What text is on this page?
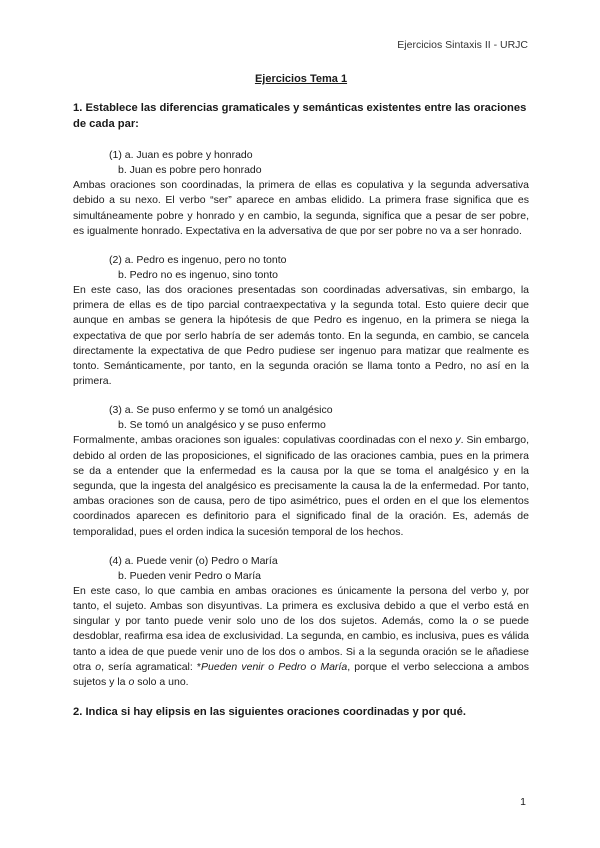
Ejercicios Sintaxis II - URJC
Ejercicios Tema 1
1. Establece las diferencias gramaticales y semánticas existentes entre las oraciones de cada par:
(1) a. Juan es pobre y honrado
b. Juan es pobre pero honrado
Ambas oraciones son coordinadas, la primera de ellas es copulativa y la segunda adversativa debido a su nexo. El verbo “ser” aparece en ambas elidido. La primera frase significa que es simultáneamente pobre y honrado y en cambio, la segunda, significa que a pesar de ser pobre, es igualmente honrado. Expectativa en la adversativa de que por ser pobre no va a ser honrado.
(2) a. Pedro es ingenuo, pero no tonto
b. Pedro no es ingenuo, sino tonto
En este caso, las dos oraciones presentadas son coordinadas adversativas, sin embargo, la primera de ellas es de tipo parcial contraexpectativa y la segunda total. Esto quiere decir que aunque en ambas se genera la hipótesis de que Pedro es ingenuo, en la primera se niega la expectativa de que por serlo habría de ser además tonto. En la segunda, en cambio, se cancela directamente la expectativa de que Pedro pudiese ser ingenuo para matizar que realmente es tonto. Semánticamente, por tanto, en la segunda oración se llama tonto a Pedro, no así en la primera.
(3) a. Se puso enfermo y se tomó un analgésico
b. Se tomó un analgésico y se puso enfermo
Formalmente, ambas oraciones son iguales: copulativas coordinadas con el nexo y. Sin embargo, debido al orden de las proposiciones, el significado de las oraciones cambia, pues en la primera se da a entender que la enfermedad es la causa por la que se toma el analgésico y en la segunda, que la ingesta del analgésico es precisamente la causa la de la enfermedad. Por tanto, ambas oraciones son de causa, pero de tipo asimétrico, pues el orden en el que los elementos coordinados aparecen es definitorio para el significado final de la oración. Es, además de temporalidad, pues el orden indica la sucesión temporal de los hechos.
(4) a. Puede venir (o) Pedro o María
b. Pueden venir Pedro o María
En este caso, lo que cambia en ambas oraciones es únicamente la persona del verbo y, por tanto, el sujeto. Ambas son disyuntivas. La primera es exclusiva debido a que el verbo está en singular y por tanto puede venir solo uno de los dos sujetos. Además, como la o se puede desdoblar, reafirma esa idea de exclusividad. La segunda, en cambio, es inclusiva, pues es válida tanto a idea de que puede venir uno de los dos o ambos. Si a la segunda oración se le añadiese otra o, sería agramatical: *Pueden venir o Pedro o María, porque el verbo selecciona a ambos sujetos y la o solo a uno.
2. Indica si hay elipsis en las siguientes oraciones coordinadas y por qué.
1
